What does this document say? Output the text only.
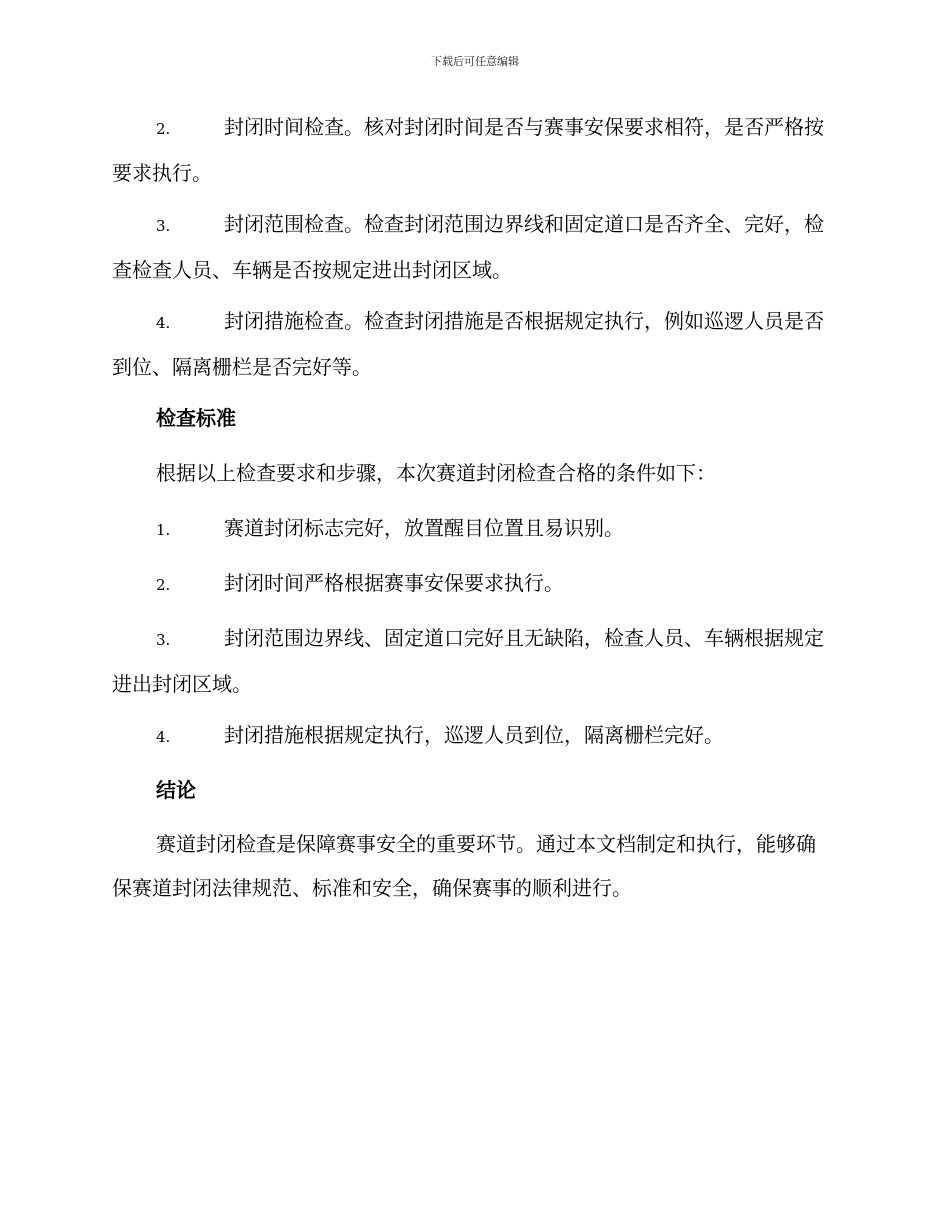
下载后可任意编辑
2.	封闭时间检查。核对封闭时间是否与赛事安保要求相符，是否严格按要求执行。
3.	封闭范围检查。检查封闭范围边界线和固定道口是否齐全、完好，检查检查人员、车辆是否按规定进出封闭区域。
4.	封闭措施检查。检查封闭措施是否根据规定执行，例如巡逻人员是否到位、隔离栅栏是否完好等。
检查标准
根据以上检查要求和步骤，本次赛道封闭检查合格的条件如下：
1.	赛道封闭标志完好，放置醒目位置且易识别。
2.	封闭时间严格根据赛事安保要求执行。
3.	封闭范围边界线、固定道口完好且无缺陷，检查人员、车辆根据规定进出封闭区域。
4.	封闭措施根据规定执行，巡逻人员到位，隔离栅栏完好。
结论
赛道封闭检查是保障赛事安全的重要环节。通过本文档制定和执行，能够确保赛道封闭法律规范、标准和安全，确保赛事的顺利进行。
